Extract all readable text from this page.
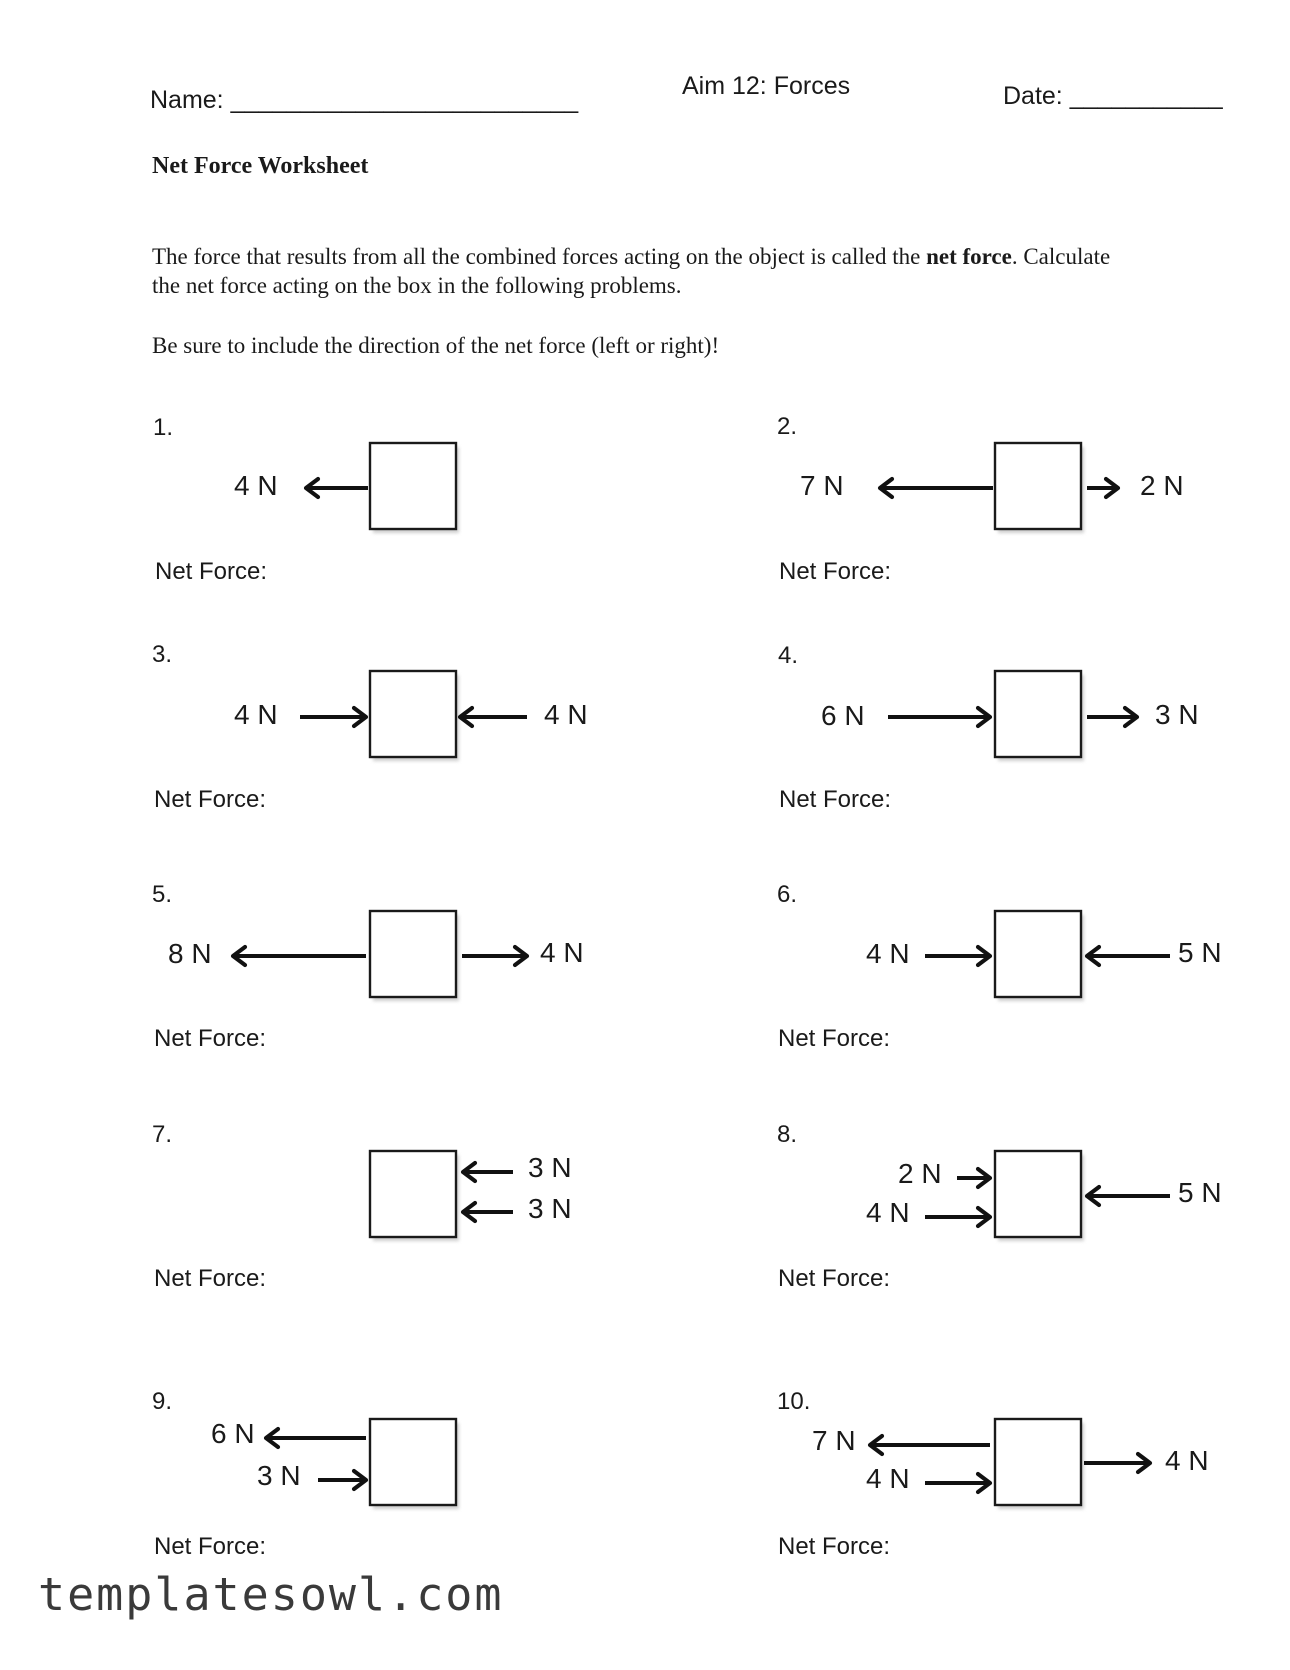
Name: _________________________	Aim 12: Forces	Date: ___________
Net Force Worksheet
The force that results from all the combined forces acting on the object is called the net force. Calculate the net force acting on the box in the following problems.
Be sure to include the direction of the net force (left or right)!
1.
4 N
Net Force:
2.
7 N	2 N
Net Force:
3.
4 N	4 N
Net Force:
4.
6 N	3 N
Net Force:
5.
8 N	4 N
Net Force:
6.
4 N	5 N
Net Force:
7.
3 N
3 N
Net Force:
8.
2 N
4 N
5 N
Net Force:
9.
6 N
3 N
Net Force:
10.
7 N
4 N
4 N
Net Force:
templatesowl.com
